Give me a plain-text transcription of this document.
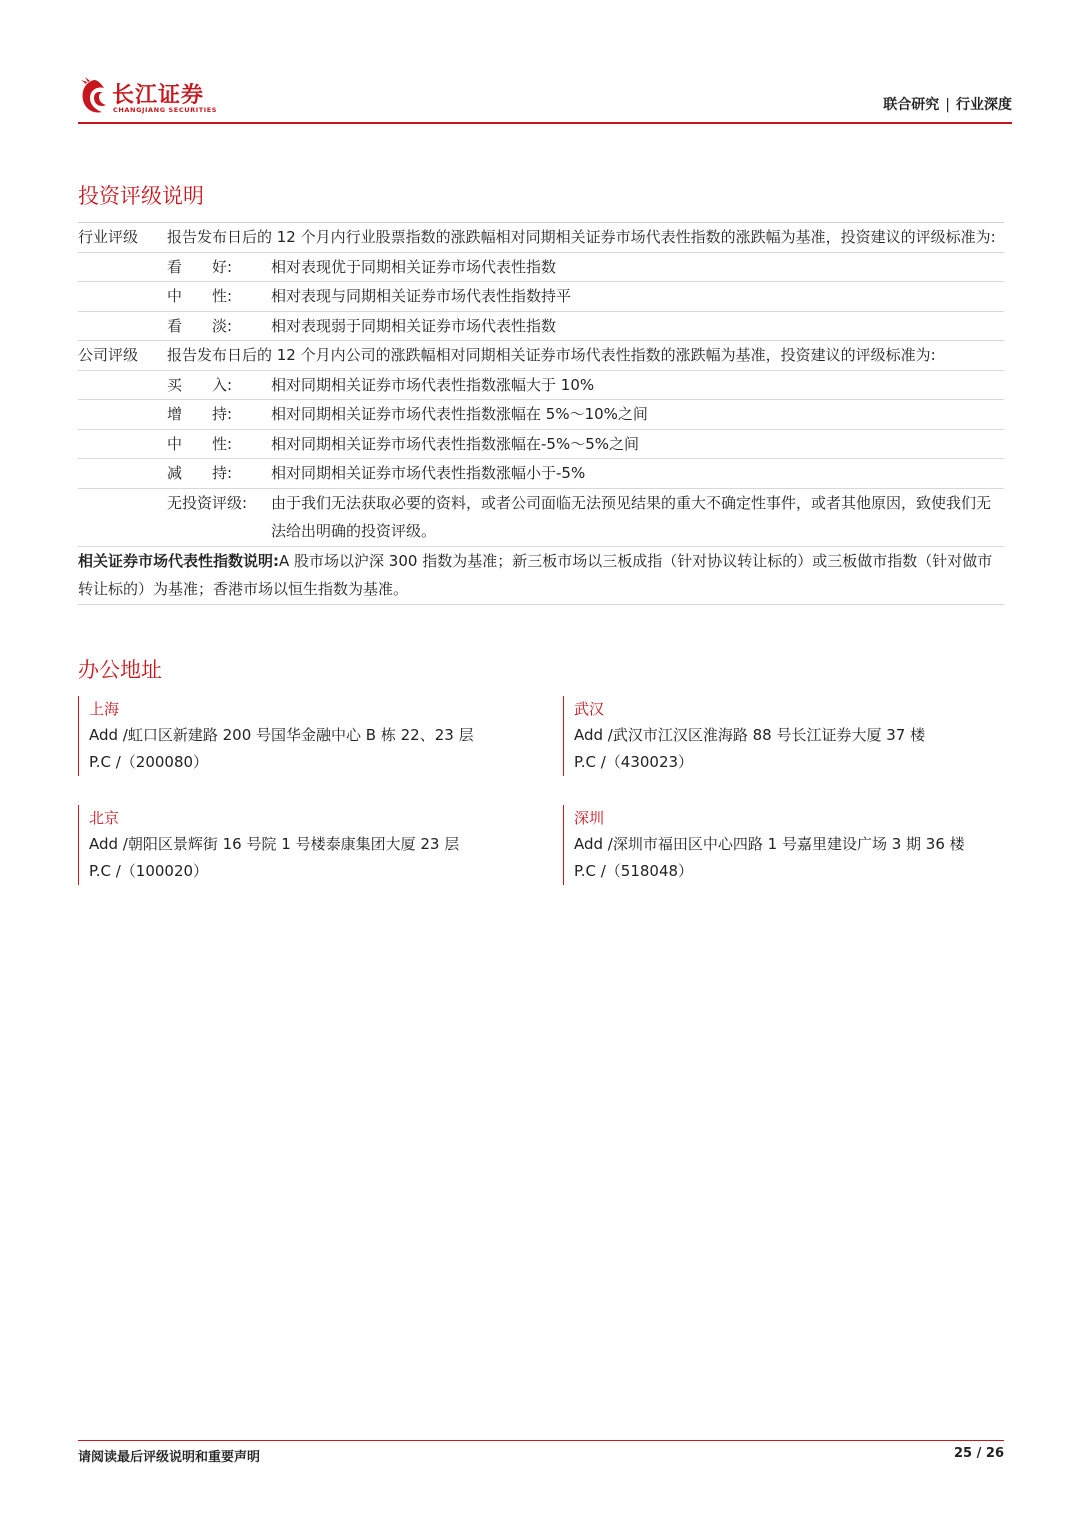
长江证券
CHANGJIANG SECURITIES	联合研究 | 行业深度
投资评级说明
行业评级 报告发布日后的 12 个月内行业股票指数的涨跌幅相对同期相关证券市场代表性指数的涨跌幅为基准，投资建议的评级标准为:
看　　好:	相对表现优于同期相关证券市场代表性指数
中　　性:	相对表现与同期相关证券市场代表性指数持平
看　　淡:	相对表现弱于同期相关证券市场代表性指数
公司评级 报告发布日后的 12 个月内公司的涨跌幅相对同期相关证券市场代表性指数的涨跌幅为基准，投资建议的评级标准为:
买　　入:	相对同期相关证券市场代表性指数涨幅大于 10%
增　　持:	相对同期相关证券市场代表性指数涨幅在 5%～10%之间
中　　性:	相对同期相关证券市场代表性指数涨幅在-5%～5%之间
减　　持:	相对同期相关证券市场代表性指数涨幅小于-5%
无投资评级: 由于我们无法获取必要的资料，或者公司面临无法预见结果的重大不确定性事件，或者其他原因，致使我们无法给出明确的投资评级。
相关证券市场代表性指数说明:A 股市场以沪深 300 指数为基准；新三板市场以三板成指（针对协议转让标的）或三板做市指数（针对做市转让标的）为基准；香港市场以恒生指数为基准。
办公地址
上海
Add /虹口区新建路 200 号国华金融中心 B 栋 22、23 层
P.C /（200080）
武汉
Add /武汉市江汉区淮海路 88 号长江证券大厦 37 楼
P.C /（430023）
北京
Add /朝阳区景辉街 16 号院 1 号楼泰康集团大厦 23 层
P.C /（100020）
深圳
Add /深圳市福田区中心四路 1 号嘉里建设广场 3 期 36 楼
P.C /（518048）
请阅读最后评级说明和重要声明	25 / 26
